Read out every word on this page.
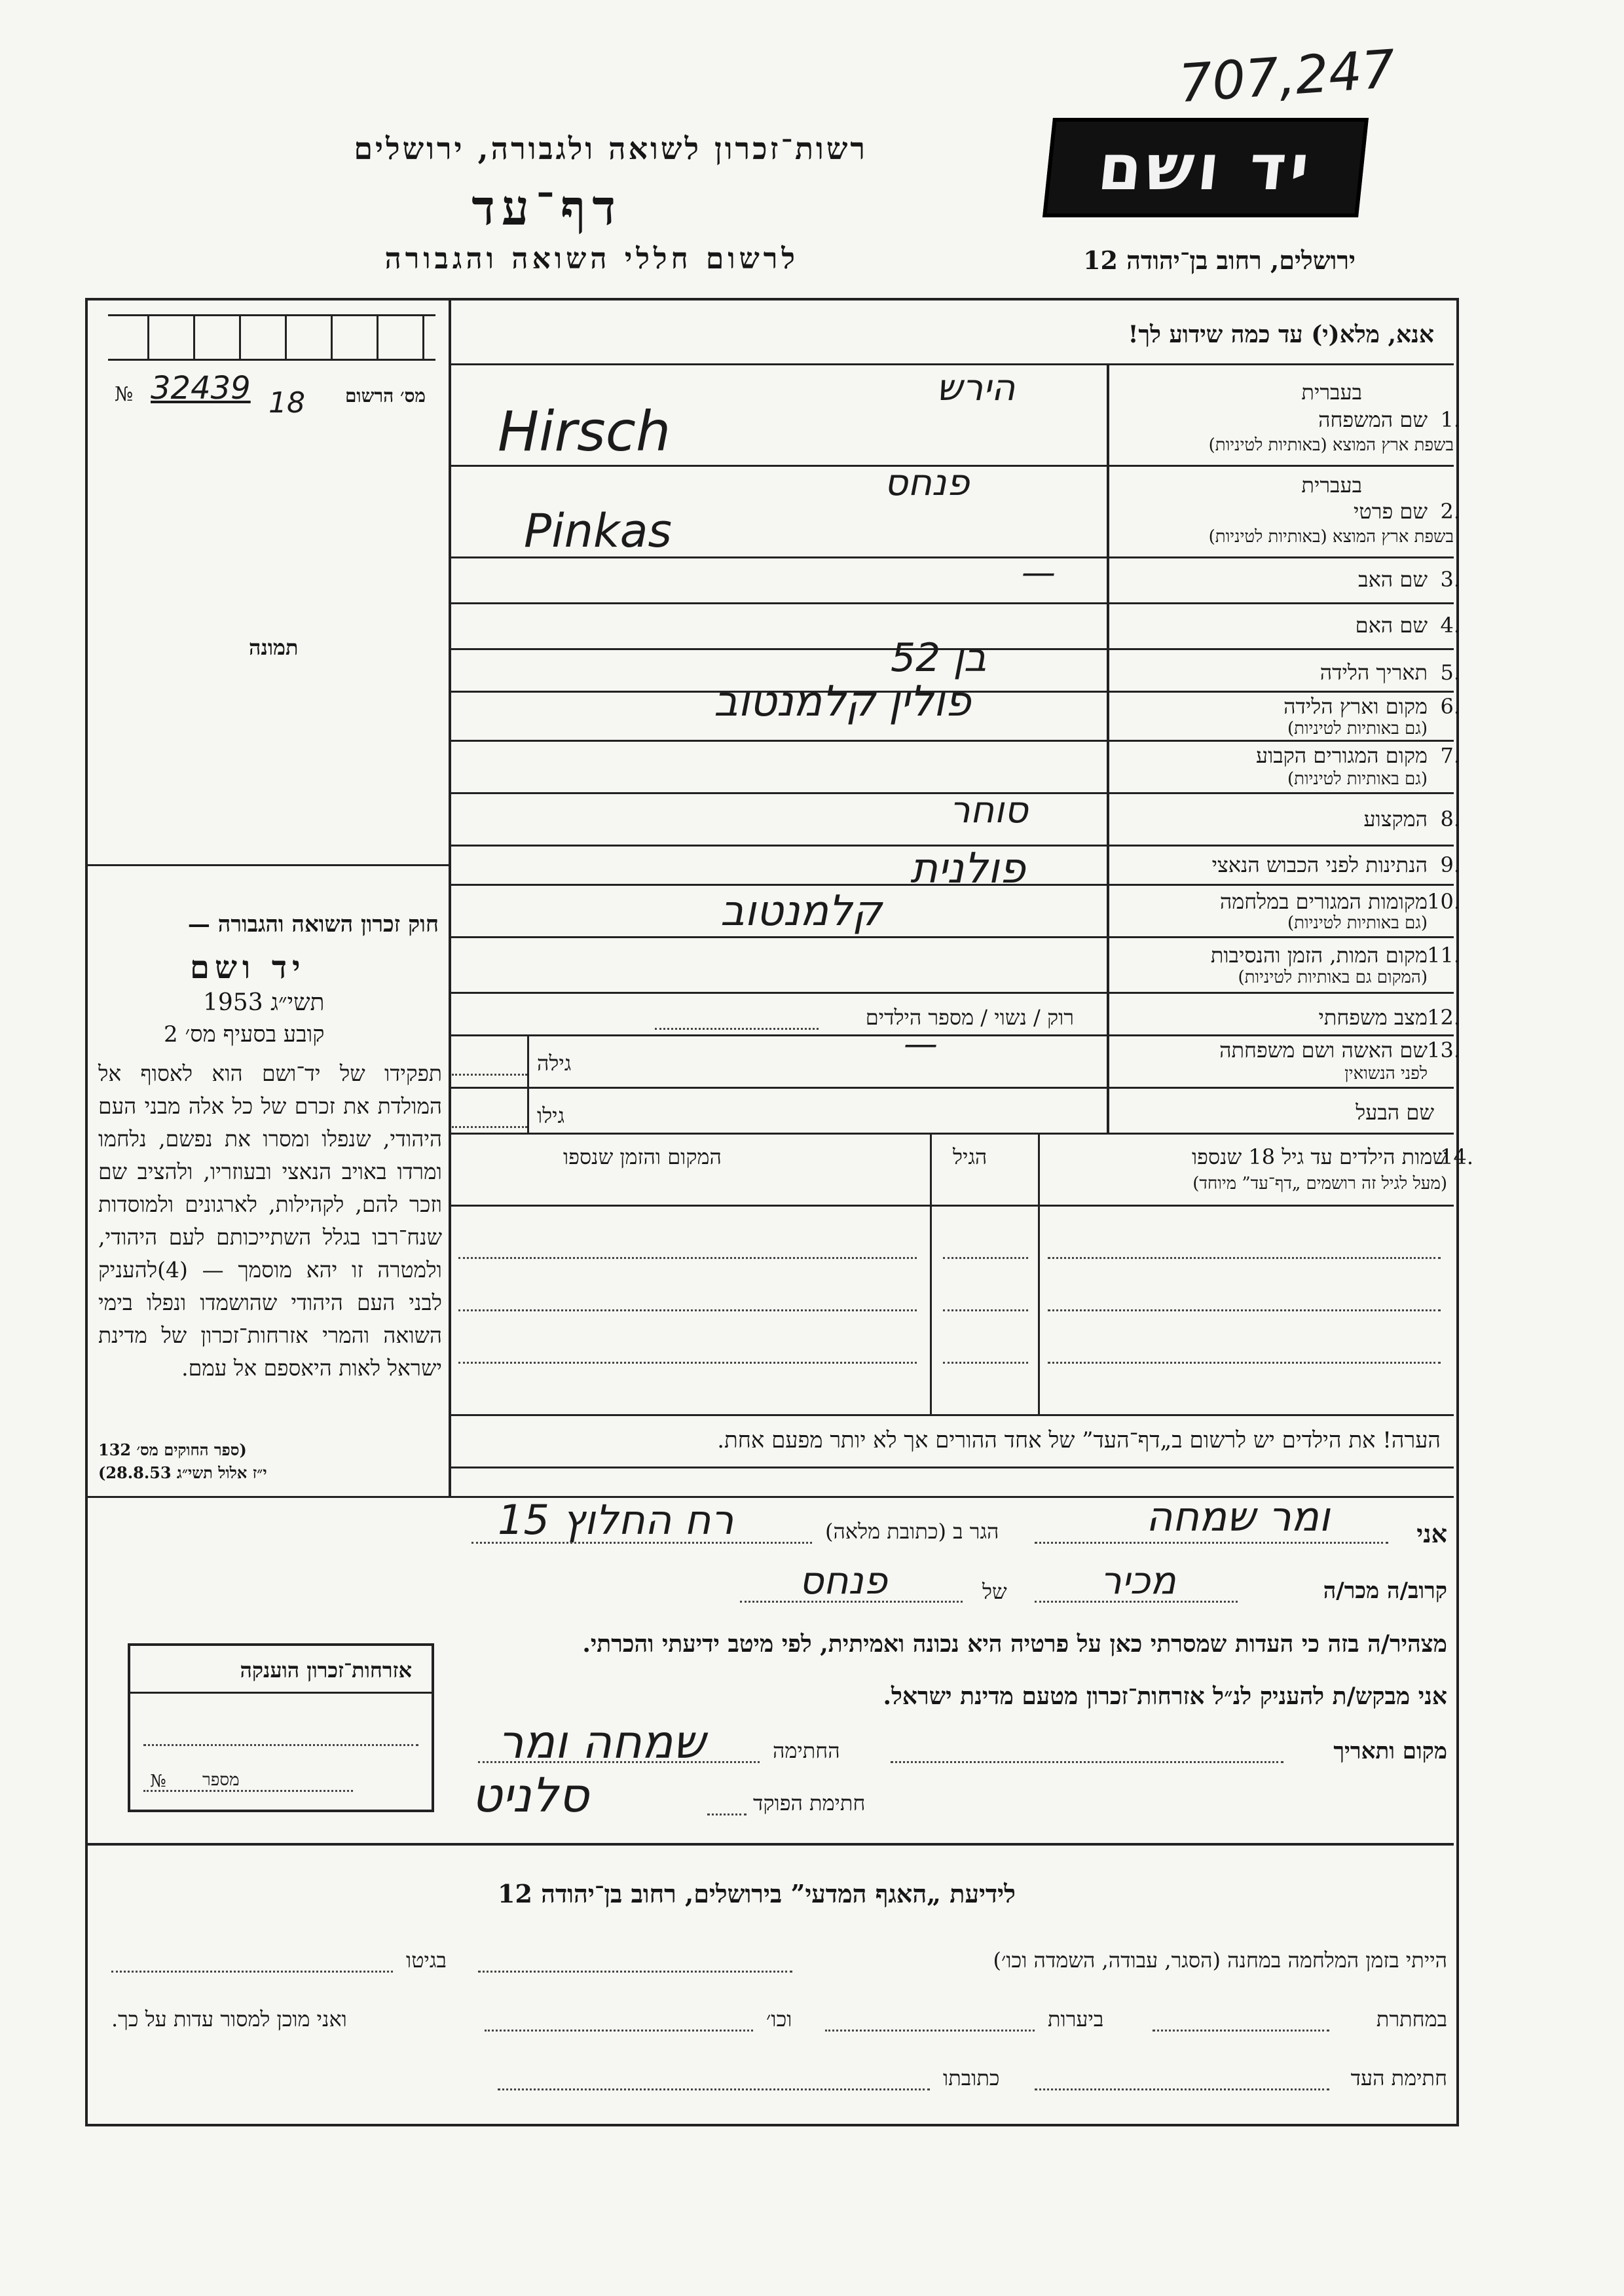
707,247
רשות־זכרון לשואה ולגבורה, ירושלים
דף־עד
לרשום חללי השואה והגבורה
יד ושם
ירושלים, רחוב בן־יהודה 12
מס׳ הרשום
№ 32439 18
תמונה
אנא, מלא(י) עד כמה שידוע לך!
בעברית
1.
שם המשפחה
בשפת ארץ המוצא (באותיות לטיניות)
הירש
Hirsch
בעברית
2.
שם פרטי
בשפת ארץ המוצא (באותיות לטיניות)
פנחס
Pinkas
3.
שם האב
—
4.
שם האם
5.
תאריך הלידה
בן 52
6.
מקום וארץ הלידה
(גם באותיות לטיניות)
פולין קלמנטוב
7.
מקום המגורים הקבוע
(גם באותיות לטיניות)
8.
המקצוע
סוחר
9.
הנתינות לפני הכבוש הנאצי
פולנית
10.
מקומות המגורים במלחמה
(גם באותיות לטיניות)
קלמנטוב
11.
מקום המות, הזמן והנסיבות
(המקום גם באותיות לטיניות)
12.
מצב משפחתי
רוק / נשוי / מספר הילדים
—	13.
שם האשה ושם משפחתה
לפני הנשואין
גילה
שם הבעל
גילו
שמות הילדים עד גיל 18 שנספו
14.
(מעל לגיל זה רושמים „דף־עד” מיוחד)
הגיל
המקום והזמן שנספו
הערה! את הילדים יש לרשום ב„דף־העד” של אחד ההורים אך לא יותר מפעם אחת.
חוק זכרון השואה והגבורה —
יד ושם
תשי״ג 1953
קובע בסעיף מס׳ 2
תפקידו של יד־ושם הוא לאסוף אל המולדת את זכרם של כל אלה מבני העם היהודי, שנפלו ומסרו את נפשם, נלחמו ומרדו באויב הנאצי ובעוזריו, ולהציב שם וזכר להם, לקהילות, לארגונים ולמוסדות שנח־רבו בגלל השתייכותם לעם היהודי, ולמטרה זו יהא מוסמך — (4)להעניק לבני העם היהודי שהושמדו ונפלו בימי השואה והמרי אזרחות־זכרון של מדינת ישראל לאות היאספם אל עמם.
(ספר החוקים מס׳ 132
י״ז אלול תשי״ג 28.8.53)
אני
ומר שמחה
הגר ב (כתובת מלאה)
רח החלוץ 15
קרוב/ה מכר/ה
מכיר
של
פנחס
מצהיר/ה בזה כי העדות שמסרתי כאן על פרטיה היא נכונה ואמיתית, לפי מיטב ידיעתי והכרתי.
אני מבקש/ת להעניק לנ״ל אזרחות־זכרון מטעם מדינת ישראל.
מקום ותאריך
החתימה
שמחה ומר
חתימת הפוקד
סלניט
אזרחות־זכרון הוענקה
מספר
№
לידיעת „האגף המדעי” בירושלים, רחוב בן־יהודה 12
הייתי בזמן המלחמה במחנה (הסגר, עבודה, השמדה וכו׳)
בגיטו
במחתרת
ביערות
וכו׳
ואני מוכן למסור עדות על כך.
חתימת העד
כתובתו
